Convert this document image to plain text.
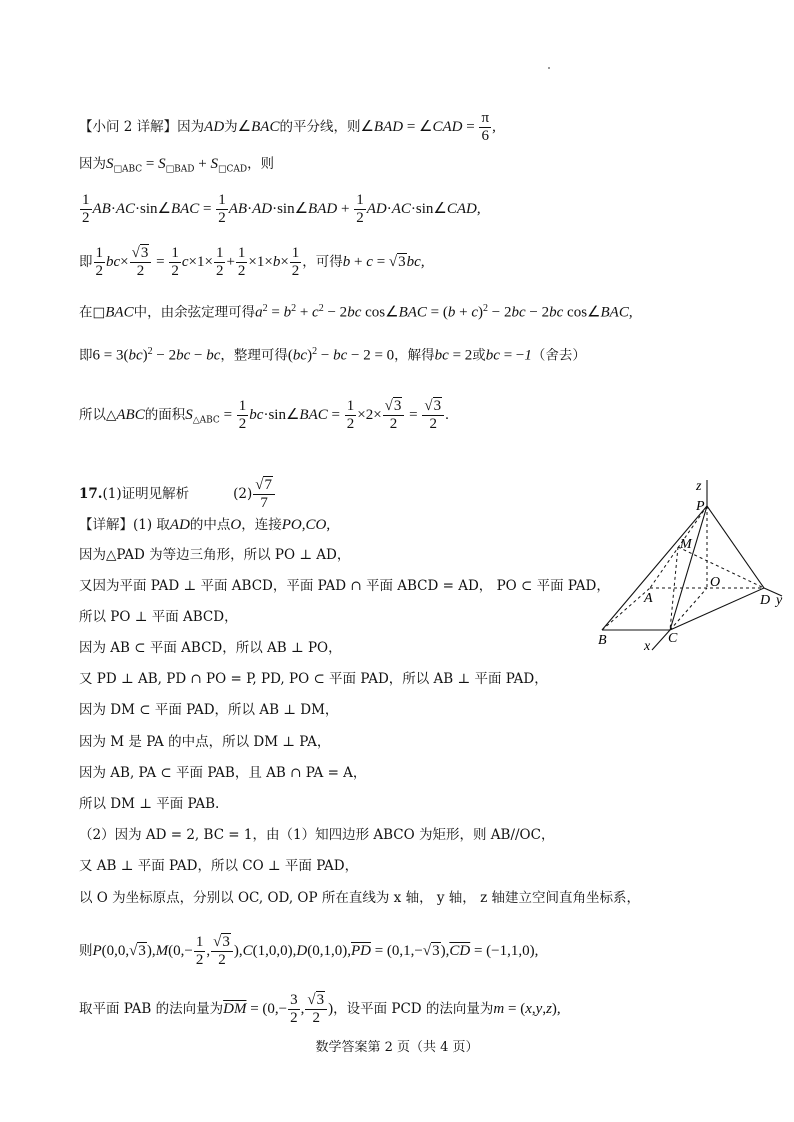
【小问 2 详解】因为AD为∠BAC的平分线，则∠BAD = ∠CAD = $\frac{\pi}{6}$ ,
因为$S_{□ABC} = S_{□BAD} + S_{□CAD}$，则
$\frac{1}{2}$ AB·AC·sin∠BAC = $\frac{1}{2}$ AB·AD·sin∠BAD + $\frac{1}{2}$ AD·AC·sin∠CAD,
即 $\frac{1}{2} bc\times \frac{√3}{2} = \frac{1}{2} c\times 1\times \frac{1}{2} + \frac{1}{2} \times 1\times b\times \frac{1}{2}$ ，可得b + c = √3bc,
在□BAC中，由余弦定理可得$a^2 = b^2 + c^2 - 2bc$ cos∠BAC = $(b + c)^2 - 2bc - 2bc$ cos∠BAC,
即6 = 3(bc)$^2$ − 2bc − bc，整理可得(bc)$^2$ − bc − 2 = 0，解得bc = 2或bc = −1（舍去）
所以△ABC的面积$S_{\triangle ABC} = \frac{1}{2}$ bc·sin∠BAC = $\frac{1}{2} \times 2\times \frac{√3}{2} = \frac{√3}{2}$ .
17.(1)证明见解析	$(2) \frac{√7}{7}$
【详解】(1) 取AD的中点O，连接PO,CO,
因为△PAD 为等边三角形，所以 PO ⊥ AD，
又因为平面 PAD ⊥ 平面 ABCD，平面 PAD ∩ 平面 ABCD = AD， PO ⊂ 平面 PAD，
所以 PO ⊥ 平面 ABCD，
因为 AB ⊂ 平面 ABCD，所以 AB ⊥ PO，
又 PD ⊥ AB, PD ∩ PO = P, PD, PO ⊂ 平面 PAD，所以 AB ⊥ 平面 PAD，
因为 DM ⊂ 平面 PAD，所以 AB ⊥ DM，
因为 M 是 PA 的中点，所以 DM ⊥ PA，
因为 AB, PA ⊂ 平面 PAB，且 AB ∩ PA = A，
所以 DM ⊥ 平面 PAB.
（2）因为 AD = 2, BC = 1，由（1）知四边形 ABCO 为矩形，则 AB//OC，
又 AB ⊥ 平面 PAD，所以 CO ⊥ 平面 PAD，
以 O 为坐标原点，分别以 OC, OD, OP 所在直线为 x 轴， y 轴， z 轴建立空间直角坐标系，
则$P(0,0,√3),M(0,- \frac{1}{2}$ , $\frac{√3}{2} ),C(1,0,0),D(0,1,0),\overline{PD} = (0,1,-√3),\overline{CD} = (-1,1,0)$,
取平面 PAB 的法向量为$\overline{DM} = (0,- \frac{3}{2}$ , $\frac{√3}{2}$ )，设平面 PCD 的法向量为m = (x,y,z),
z
P
M
O
A	D y
B	x
C
数学答案第 2 页（共 4 页）
